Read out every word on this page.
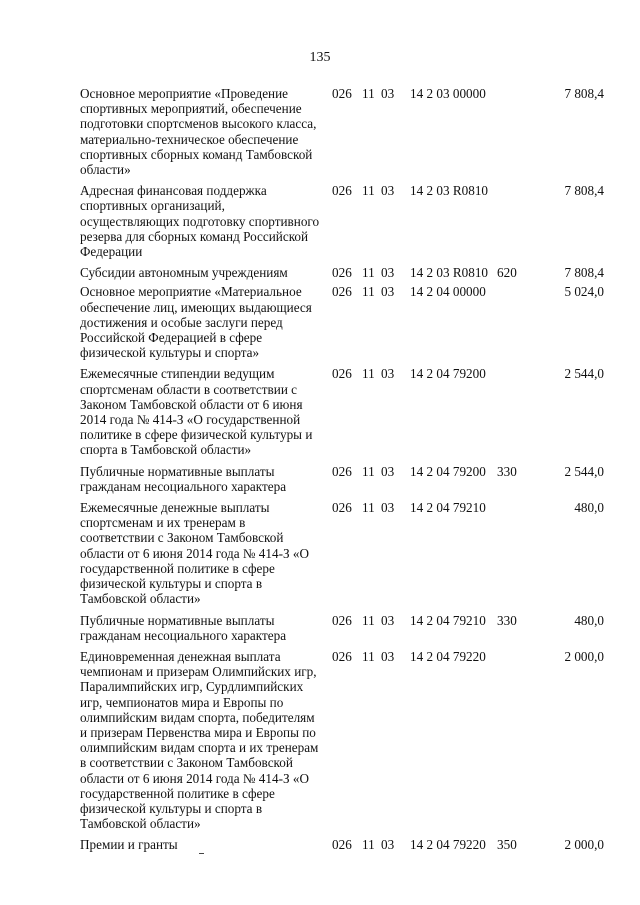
135
Основное мероприятие «Проведение спортивных мероприятий, обеспечение подготовки спортсменов высокого класса, материально-техническое обеспечение спортивных сборных команд Тамбовской области»
026 11 03 14 2 03 00000	7 808,4
Адресная финансовая поддержка спортивных организаций, осуществляющих подготовку спортивного резерва для сборных команд Российской Федерации
026 11 03 14 2 03 R0810	7 808,4
Субсидии автономным учреждениям	026 11 03 14 2 03 R0810 620	7 808,4
Основное мероприятие «Материальное обеспечение лиц, имеющих выдающиеся достижения и особые заслуги перед Российской Федерацией в сфере физической культуры и спорта»
026 11 03 14 2 04 00000	5 024,0
Ежемесячные стипендии ведущим спортсменам области в соответствии с Законом Тамбовской области от 6 июня 2014 года № 414-З «О государственной политике в сфере физической культуры и спорта в Тамбовской области»
026 11 03 14 2 04 79200	2 544,0
Публичные нормативные выплаты гражданам несоциального характера
026 11 03 14 2 04 79200 330	2 544,0
Ежемесячные денежные выплаты спортсменам и их тренерам в соответствии с Законом Тамбовской области от 6 июня 2014 года № 414-З «О государственной политике в сфере физической культуры и спорта в Тамбовской области»
026 11 03 14 2 04 79210	480,0
Публичные нормативные выплаты гражданам несоциального характера
026 11 03 14 2 04 79210 330	480,0
Единовременная денежная выплата чемпионам и призерам Олимпийских игр, Паралимпийских игр, Сурдлимпийских игр, чемпионатов мира и Европы по олимпийским видам спорта, победителям и призерам Первенства мира и Европы по олимпийским видам спорта и их тренерам в соответствии с Законом Тамбовской области от 6 июня 2014 года № 414-З «О государственной политике в сфере физической культуры и спорта в Тамбовской области»
026 11 03 14 2 04 79220	2 000,0
Премии и гранты	026 11 03 14 2 04 79220 350	2 000,0
